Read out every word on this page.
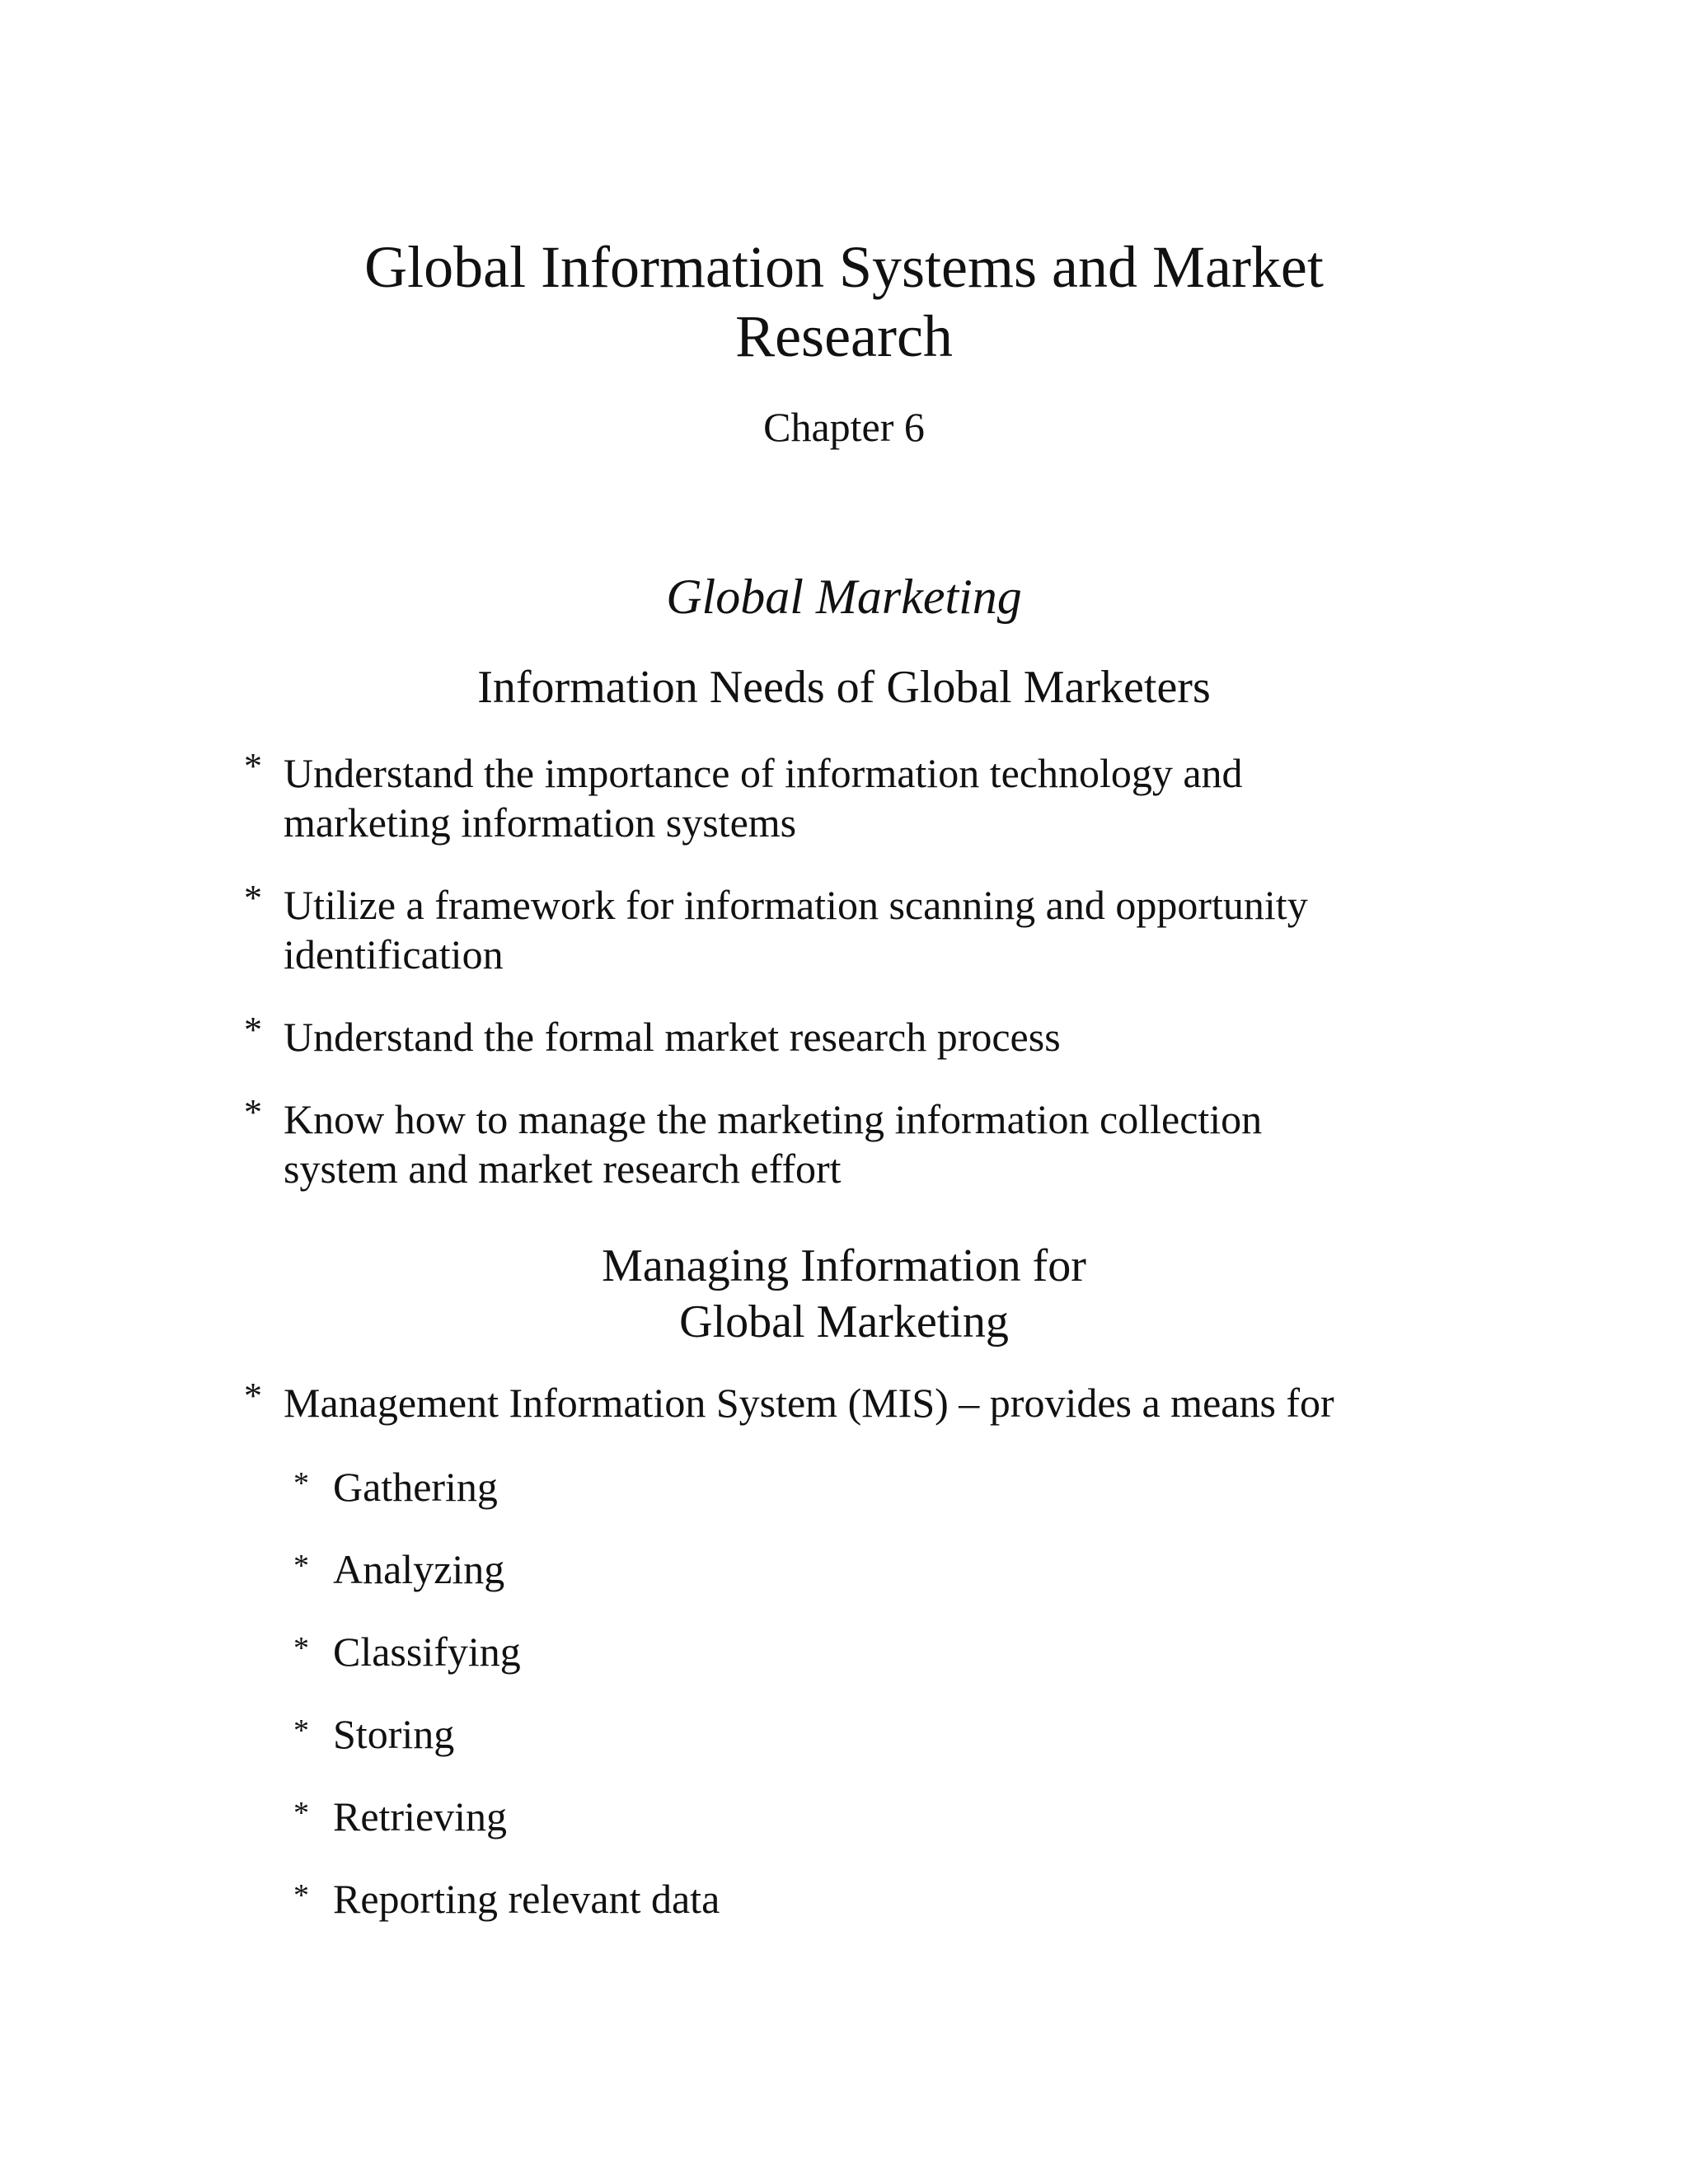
Global Information Systems and Market
Research

Chapter 6

Global Marketing

Information Needs of Global Marketers
* Understand the importance of information technology and
marketing information systems
* Utilize a framework for information scanning and opportunity
identification
* Understand the formal market research process
* Know how to manage the marketing information collection
system and market research effort
Managing Information for
Global Marketing
* Management Information System (MIS) – provides a means for
* Gathering
* Analyzing
* Classifying
* Storing
* Retrieving
* Reporting relevant data
